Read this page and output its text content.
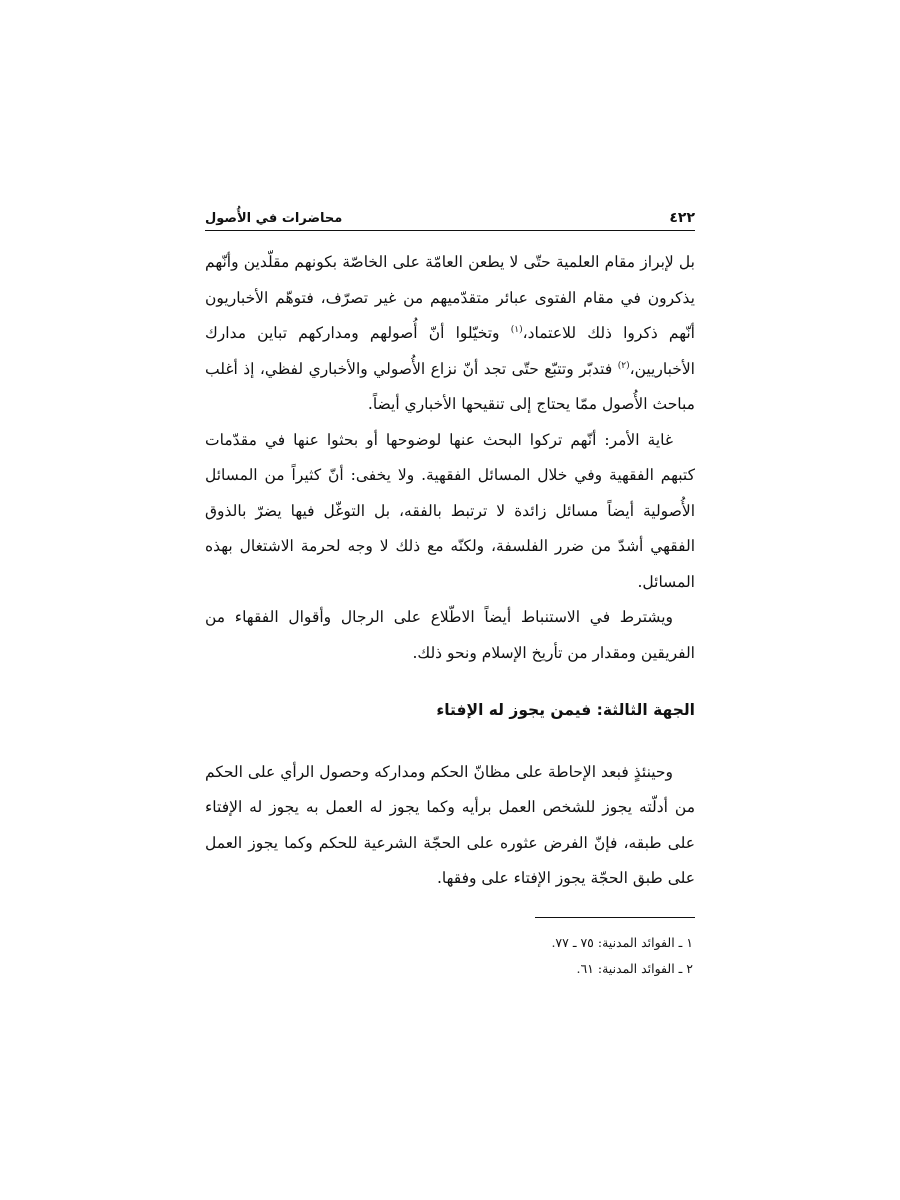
٤٢٢
محاضرات في الأُصول

بل لإبراز مقام العلمية حتّى لا يطعن العامّة على الخاصّة بكونهم مقلّدين وأنّهم يذكرون في مقام الفتوى عبائر متقدّميهم من غير تصرّف، فتوهّم الأخباريون أنّهم ذكروا ذلك للاعتماد،$^{(١)}$ وتخيّلوا أنّ أُصولهم ومداركهم تباين مدارك الأخباريين،$^{(٢)}$ فتدبّر وتتبّع حتّى تجد أنّ نزاع الأُصولي والأخباري لفظي، إذ أغلب مباحث الأُصول ممّا يحتاج إلى تنقيحها الأخباري أيضاً.

غاية الأمر: أنّهم تركوا البحث عنها لوضوحها أو بحثوا عنها في مقدّمات كتبهم الفقهية وفي خلال المسائل الفقهية. ولا يخفى: أنّ كثيراً من المسائل الأُصولية أيضاً مسائل زائدة لا ترتبط بالفقه، بل التوغّل فيها يضرّ بالذوق الفقهي أشدّ من ضرر الفلسفة، ولكنّه مع ذلك لا وجه لحرمة الاشتغال بهذه المسائل.

ويشترط في الاستنباط أيضاً الاطّلاع على الرجال وأقوال الفقهاء من الفريقين ومقدار من تأريخ الإسلام ونحو ذلك.

الجهة الثالثة: فيمن يجوز له الإفتاء

وحينئذٍ فبعد الإحاطة على مظانّ الحكم ومداركه وحصول الرأي على الحكم من أدلّته يجوز للشخص العمل برأيه وكما يجوز له العمل به يجوز له الإفتاء على طبقه، فإنّ الفرض عثوره على الحجّة الشرعية للحكم وكما يجوز العمل على طبق الحجّة يجوز الإفتاء على وفقها.

١ ـ الفوائد المدنية: ٧٥ ـ ٧٧.
٢ ـ الفوائد المدنية: ٦١.
